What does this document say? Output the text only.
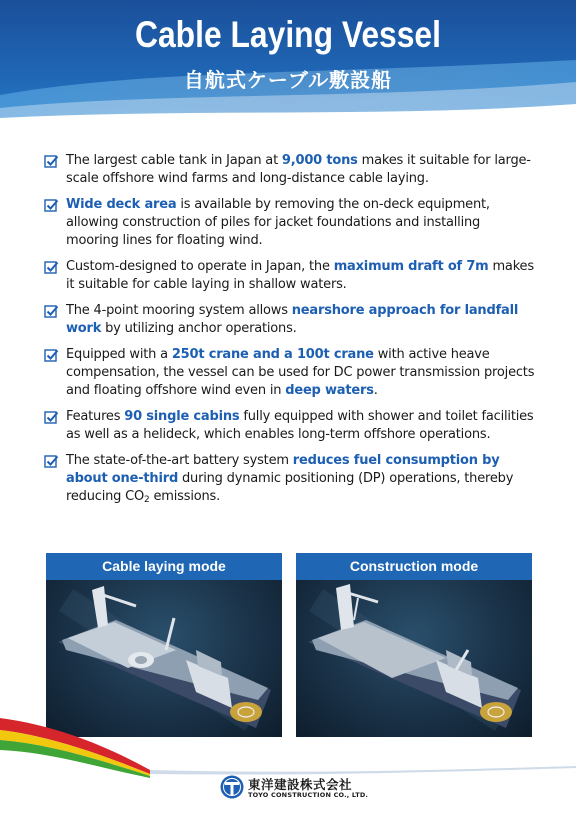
Cable Laying Vessel
自航式ケーブル敷設船
The largest cable tank in Japan at 9,000 tons makes it suitable for large-scale offshore wind farms and long-distance cable laying.
Wide deck area is available by removing the on-deck equipment, allowing construction of piles for jacket foundations and installing mooring lines for floating wind.
Custom-designed to operate in Japan, the maximum draft of 7m makes it suitable for cable laying in shallow waters.
The 4-point mooring system allows nearshore approach for landfall work by utilizing anchor operations.
Equipped with a 250t crane and a 100t crane with active heave compensation, the vessel can be used for DC power transmission projects and floating offshore wind even in deep waters.
Features 90 single cabins fully equipped with shower and toilet facilities as well as a helideck, which enables long-term offshore operations.
The state-of-the-art battery system reduces fuel consumption by about one-third during dynamic positioning (DP) operations, thereby reducing $CO_2$ emissions.
Cable laying mode	Construction mode
東洋建設株式会社
TOYO CONSTRUCTION CO., LTD.
